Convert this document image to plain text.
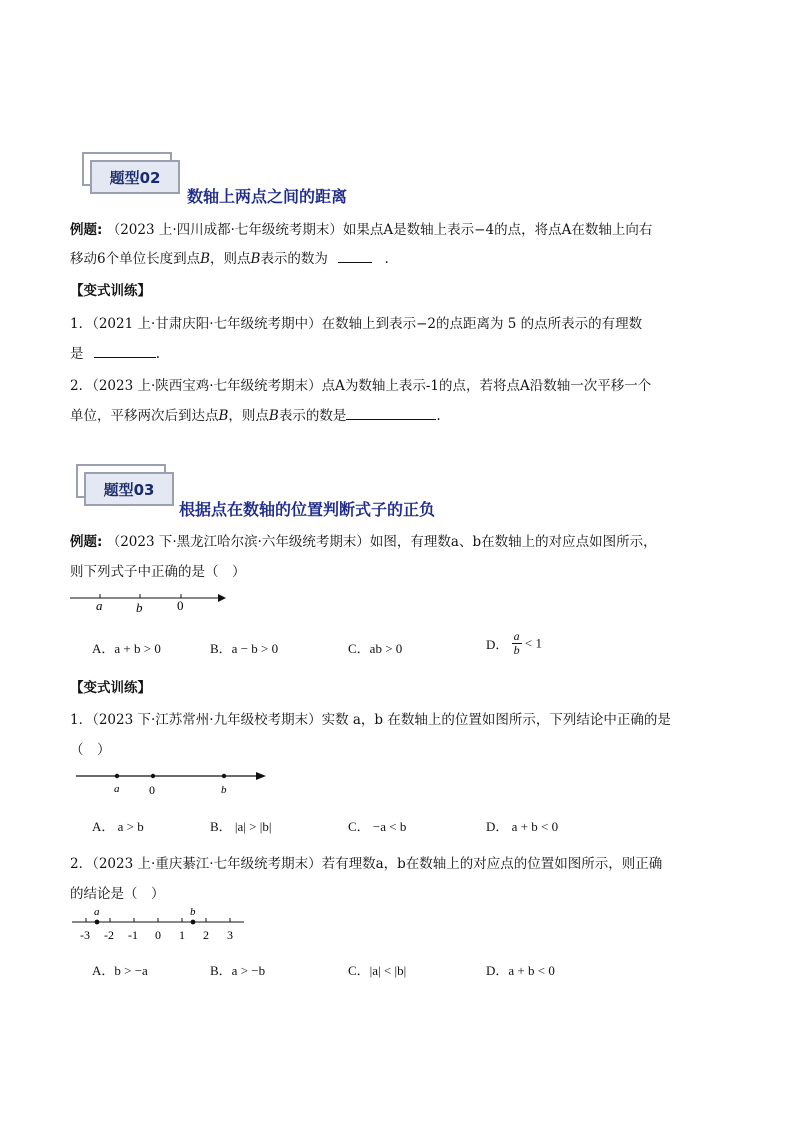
题型02
数轴上两点之间的距离
例题: （2023 上·四川成都·七年级统考期末）如果点A是数轴上表示−4的点，将点A在数轴上向右
移动6个单位长度到点B，则点B表示的数为	.
【变式训练】
1．（2021 上·甘肃庆阳·七年级统考期中）在数轴上到表示−2的点距离为 5 的点所表示的有理数
是	.
2．（2023 上·陕西宝鸡·七年级统考期末）点A为数轴上表示-1的点，若将点A沿数轴一次平移一个
单位，平移两次后到达点B，则点B表示的数是	.
题型03
根据点在数轴的位置判断式子的正负
例题: （2023 下·黑龙江哈尔滨·六年级统考期末）如图，有理数a、b在数轴上的对应点如图所示，
则下列式子中正确的是（　）
a	b	0
A．a + b > 0	B．a − b > 0	C．ab > 0	D． $\frac{a}{b} < 1$
【变式训练】
1．（2023 下·江苏常州·九年级校考期末）实数 a，b 在数轴上的位置如图所示，下列结论中正确的是
（　）
a 0	b
A． a > b	B． |a| > |b|	C． −a < b	D． a + b < 0
2．（2023 上·重庆綦江·七年级统考期末）若有理数a，b在数轴上的对应点的位置如图所示，则正确
的结论是（　）
a	b
-3 -2 -1 0 1 2 3
A．b > −a	B．a > −b	C．|a| < |b|	D．a + b < 0
